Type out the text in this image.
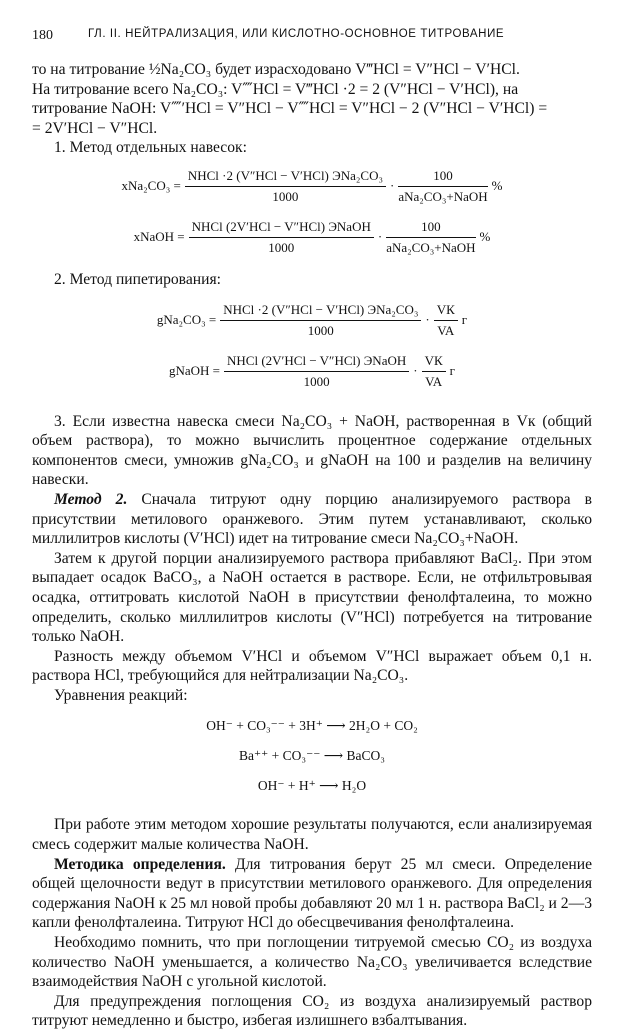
180	ГЛ. II. НЕЙТРАЛИЗАЦИЯ, ИЛИ КИСЛОТНО-ОСНОВНОЕ ТИТРОВАНИЕ

то на титрование ½Na₂CO₃ будет израсходовано V‴HCl = V″HCl − V′HCl.

На титрование всего Na₂CO₃: V⁗HCl = V‴HCl ·2 = 2 (V″HCl − V′HCl), на

титрование NaOH: V⁗′HCl = V″HCl − V⁗HCl = V″HCl − 2 (V″HCl − V′HCl) =

= 2V′HCl − V″HCl.

1. Метод отдельных навесок:

$xNa_2CO_3 = \frac{\text{NHCl ·2 (V″HCl − V′HCl) ЭNa₂CO₃}}{1000} \cdot \frac{100}{\text{aNa₂CO₃+NaOH}}$ %
xNaOH = $\frac{\text{NHCl (2V′HCl − V″HCl) ЭNaOH}}{1000} \cdot \frac{100}{\text{aNa₂CO₃+NaOH}}$ %

2. Метод пипетирования:

$gNa_2CO_3 = \frac{\text{NHCl ·2 (V″HCl − V′HCl) ЭNa₂CO₃}}{1000} \cdot \frac{VК}{VA}$ г
gNaOH = $\frac{\text{NHCl (2V′HCl − V″HCl) ЭNaOH}}{1000} \cdot \frac{VК}{VA}$ г

3. Если известна навеска смеси Na₂CO₃ + NaOH, растворенная в Vк (общий объем раствора), то можно вычислить процентное содержание отдельных компонентов смеси, умножив gNa₂CO₃ и gNaOH на 100 и разделив на величину навески.

Метод 2. Сначала титруют одну порцию анализируемого раствора в присутствии метилового оранжевого. Этим путем устанавливают, сколько миллилитров кислоты (V′HCl) идет на титрование смеси Na₂CO₃+NaOH.

Затем к другой порции анализируемого раствора прибавляют BaCl₂. При этом выпадает осадок BaCO₃, а NaOH остается в растворе. Если, не отфильтровывая осадка, оттитровать кислотой NaOH в присутствии фенолфталеина, то можно определить, сколько миллилитров кислоты (V″HCl) потребуется на титрование только NaOH.

Разность между объемом V′HCl и объемом V″HCl выражает объем 0,1 н. раствора HCl, требующийся для нейтрализации Na₂CO₃.

Уравнения реакций:

OH⁻ + CO₃⁻⁻ + 3H⁺ ⟶ 2H₂O + CO₂
Ba⁺⁺ + CO₃⁻⁻ ⟶ BaCO₃
OH⁻ + H⁺ ⟶ H₂O

При работе этим методом хорошие результаты получаются, если анализируемая смесь содержит малые количества NaOH.

Методика определения. Для титрования берут 25 мл смеси. Определение общей щелочности ведут в присутствии метилового оранжевого. Для определения содержания NaOH к 25 мл новой пробы добавляют 20 мл 1 н. раствора BaCl₂ и 2—3 капли фенолфталеина. Титруют HCl до обесцвечивания фенолфталеина.

Необходимо помнить, что при поглощении титруемой смесью CO₂ из воздуха количество NaOH уменьшается, а количество Na₂CO₃ увеличивается вследствие взаимодействия NaOH с угольной кислотой.

Для предупреждения поглощения CO₂ из воздуха анализируемый раствор титруют немедленно и быстро, избегая излишнего взбалтывания.
